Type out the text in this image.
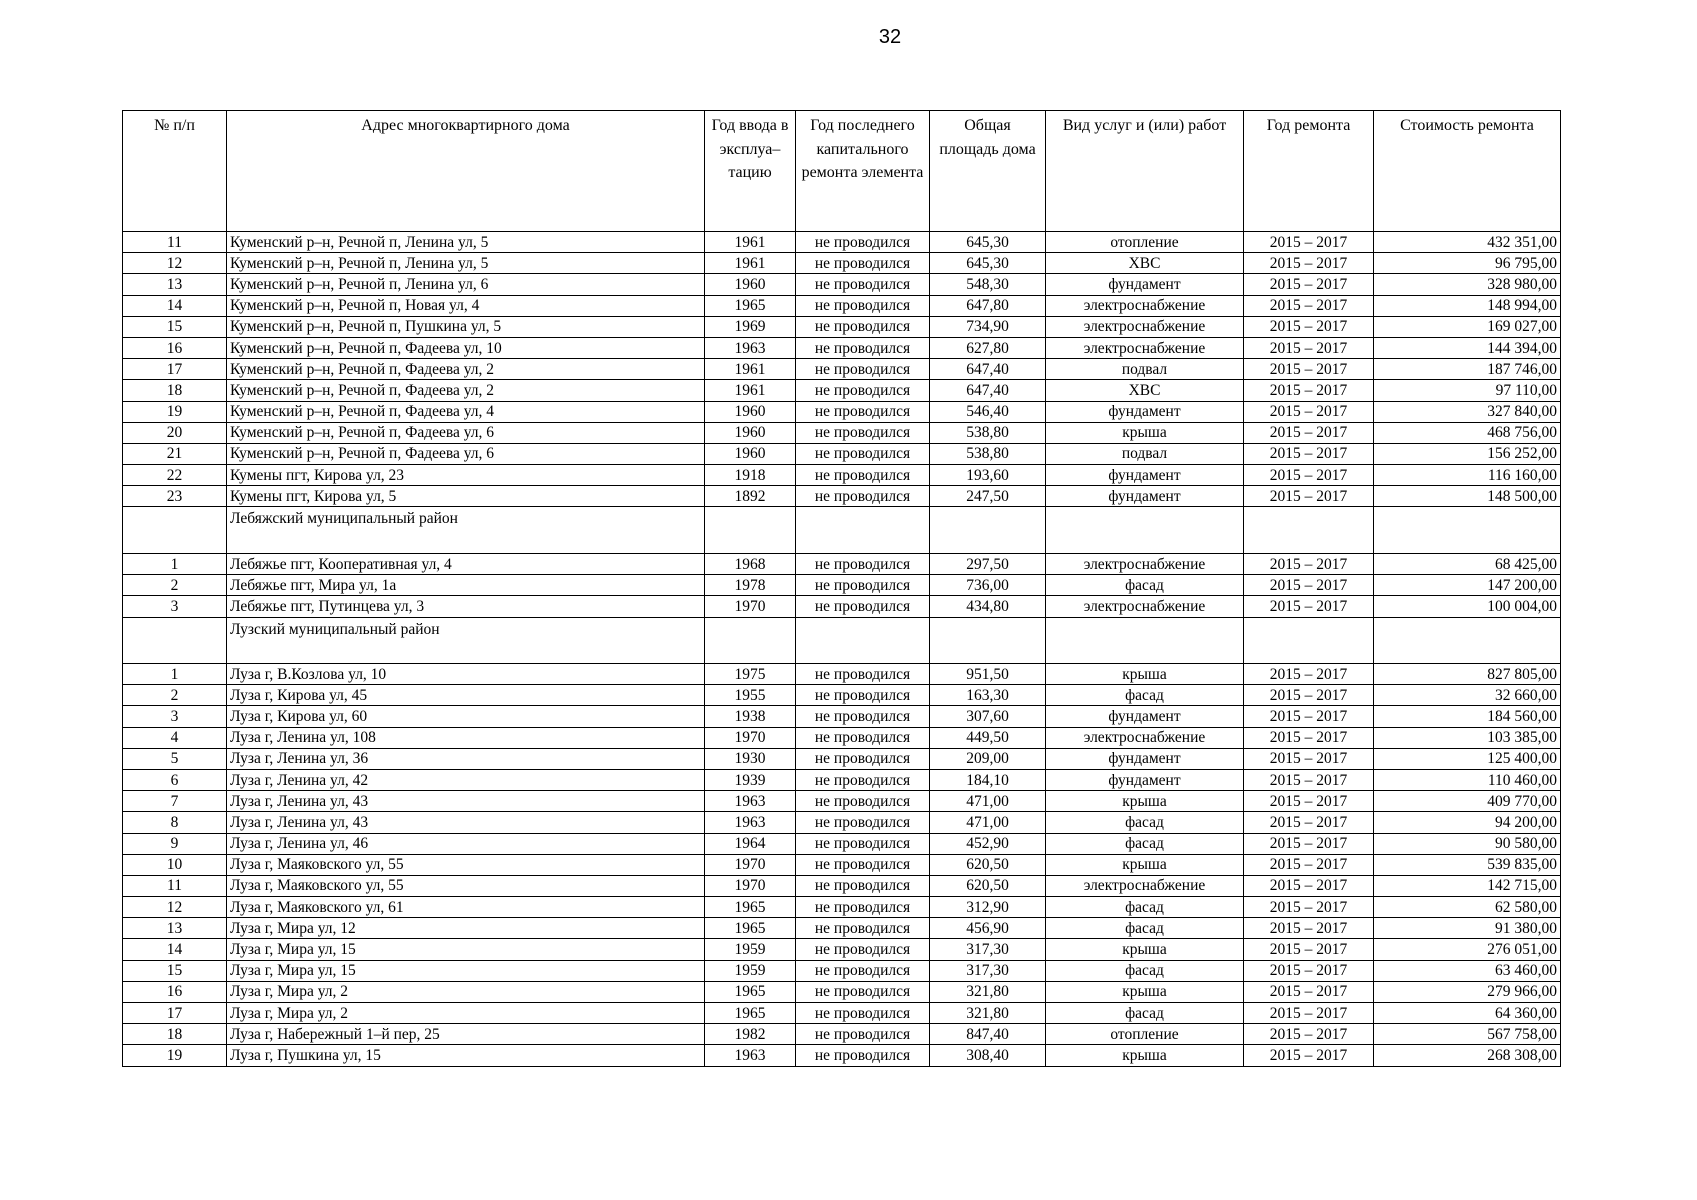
32
№ п/п	Адрес многоквартирного дома	Год ввода в эксплуа– тацию	Год последнего капитального ремонта элемента	Общая площадь дома	Вид услуг и (или) работ	Год ремонта	Стоимость ремонта
11	Куменский р–н, Речной п, Ленина ул, 5	1961	не проводился	645,30	отопление	2015 – 2017	432 351,00
12	Куменский р–н, Речной п, Ленина ул, 5	1961	не проводился	645,30	ХВС	2015 – 2017	96 795,00
13	Куменский р–н, Речной п, Ленина ул, 6	1960	не проводился	548,30	фундамент	2015 – 2017	328 980,00
14	Куменский р–н, Речной п, Новая ул, 4	1965	не проводился	647,80	электроснабжение	2015 – 2017	148 994,00
15	Куменский р–н, Речной п, Пушкина ул, 5	1969	не проводился	734,90	электроснабжение	2015 – 2017	169 027,00
16	Куменский р–н, Речной п, Фадеева ул, 10	1963	не проводился	627,80	электроснабжение	2015 – 2017	144 394,00
17	Куменский р–н, Речной п, Фадеева ул, 2	1961	не проводился	647,40	подвал	2015 – 2017	187 746,00
18	Куменский р–н, Речной п, Фадеева ул, 2	1961	не проводился	647,40	ХВС	2015 – 2017	97 110,00
19	Куменский р–н, Речной п, Фадеева ул, 4	1960	не проводился	546,40	фундамент	2015 – 2017	327 840,00
20	Куменский р–н, Речной п, Фадеева ул, 6	1960	не проводился	538,80	крыша	2015 – 2017	468 756,00
21	Куменский р–н, Речной п, Фадеева ул, 6	1960	не проводился	538,80	подвал	2015 – 2017	156 252,00
22	Кумены пгт, Кирова ул, 23	1918	не проводился	193,60	фундамент	2015 – 2017	116 160,00
23	Кумены пгт, Кирова ул, 5	1892	не проводился	247,50	фундамент	2015 – 2017	148 500,00
	Лебяжский муниципальный район						
1	Лебяжье пгт, Кооперативная ул, 4	1968	не проводился	297,50	электроснабжение	2015 – 2017	68 425,00
2	Лебяжье пгт, Мира ул, 1а	1978	не проводился	736,00	фасад	2015 – 2017	147 200,00
3	Лебяжье пгт, Путинцева ул, 3	1970	не проводился	434,80	электроснабжение	2015 – 2017	100 004,00
	Лузский муниципальный район						
1	Луза г, В.Козлова ул, 10	1975	не проводился	951,50	крыша	2015 – 2017	827 805,00
2	Луза г, Кирова ул, 45	1955	не проводился	163,30	фасад	2015 – 2017	32 660,00
3	Луза г, Кирова ул, 60	1938	не проводился	307,60	фундамент	2015 – 2017	184 560,00
4	Луза г, Ленина ул, 108	1970	не проводился	449,50	электроснабжение	2015 – 2017	103 385,00
5	Луза г, Ленина ул, 36	1930	не проводился	209,00	фундамент	2015 – 2017	125 400,00
6	Луза г, Ленина ул, 42	1939	не проводился	184,10	фундамент	2015 – 2017	110 460,00
7	Луза г, Ленина ул, 43	1963	не проводился	471,00	крыша	2015 – 2017	409 770,00
8	Луза г, Ленина ул, 43	1963	не проводился	471,00	фасад	2015 – 2017	94 200,00
9	Луза г, Ленина ул, 46	1964	не проводился	452,90	фасад	2015 – 2017	90 580,00
10	Луза г, Маяковского ул, 55	1970	не проводился	620,50	крыша	2015 – 2017	539 835,00
11	Луза г, Маяковского ул, 55	1970	не проводился	620,50	электроснабжение	2015 – 2017	142 715,00
12	Луза г, Маяковского ул, 61	1965	не проводился	312,90	фасад	2015 – 2017	62 580,00
13	Луза г, Мира ул, 12	1965	не проводился	456,90	фасад	2015 – 2017	91 380,00
14	Луза г, Мира ул, 15	1959	не проводился	317,30	крыша	2015 – 2017	276 051,00
15	Луза г, Мира ул, 15	1959	не проводился	317,30	фасад	2015 – 2017	63 460,00
16	Луза г, Мира ул, 2	1965	не проводился	321,80	крыша	2015 – 2017	279 966,00
17	Луза г, Мира ул, 2	1965	не проводился	321,80	фасад	2015 – 2017	64 360,00
18	Луза г, Набережный 1–й пер, 25	1982	не проводился	847,40	отопление	2015 – 2017	567 758,00
19	Луза г, Пушкина ул, 15	1963	не проводился	308,40	крыша	2015 – 2017	268 308,00
